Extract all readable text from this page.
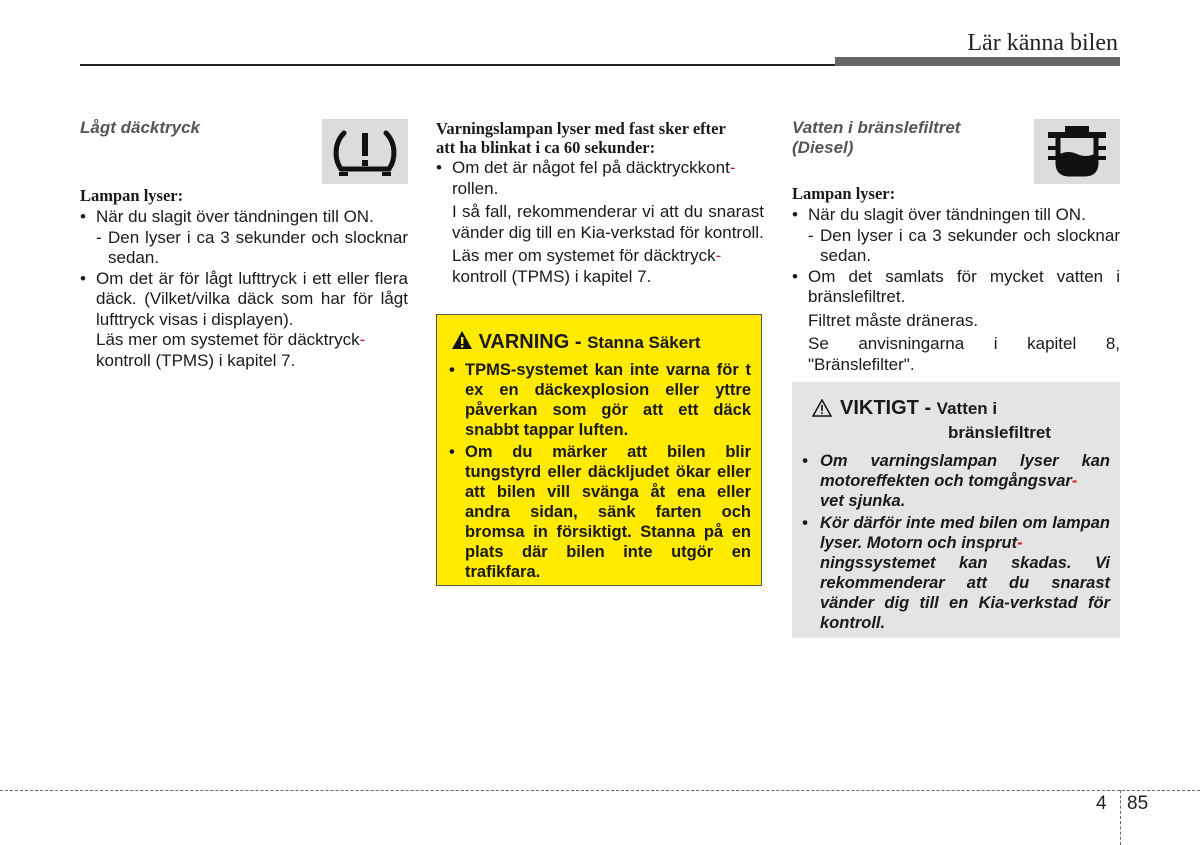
Lär känna bilen
Lågt däcktryck
Lampan lyser:

• När du slagit över tändningen till ON.

- Den lyser i ca 3 sekunder och slocknar sedan.

• Om det är för lågt lufttryck i ett eller flera däck. (Vilket/vilka däck som har för lågt lufttryck visas i displayen).

Läs mer om systemet för däcktryck-
kontroll (TPMS) i kapitel 7.

Varningslampan lyser med fast sker efter
att ha blinkat i ca 60 sekunder:

• Om det är något fel på däcktryckkont-
rollen.

I så fall, rekommenderar vi att du snarast vänder dig till en Kia-verkstad för kontroll.

Läs mer om systemet för däcktryck-
kontroll (TPMS) i kapitel 7.

VARNING - Stanna Säkert

• TPMS-systemet kan inte varna för t ex en däckexplosion eller yttre påverkan som gör att ett däck snabbt tappar luften.

• Om du märker att bilen blir tungstyrd eller däckljudet ökar eller att bilen vill svänga åt ena eller andra sidan, sänk farten och bromsa in försiktigt. Stanna på en plats där bilen inte utgör en trafikfara.

Vatten i bränslefiltret
(Diesel)
Lampan lyser:

• När du slagit över tändningen till ON.

- Den lyser i ca 3 sekunder och slocknar sedan.

• Om det samlats för mycket vatten i bränslefiltret.

Filtret måste dräneras.

Se anvisningarna i kapitel 8, "Bränslefilter".

VIKTIGT - Vatten i
bränslefiltret

• Om varningslampan lyser kan motoreffekten och tomgångsvar-
vet sjunka.

• Kör därför inte med bilen om lampan lyser. Motorn och insprut-
ningssystemet kan skadas. Vi rekommenderar att du snarast vänder dig till en Kia-verkstad för kontroll.

4 85
